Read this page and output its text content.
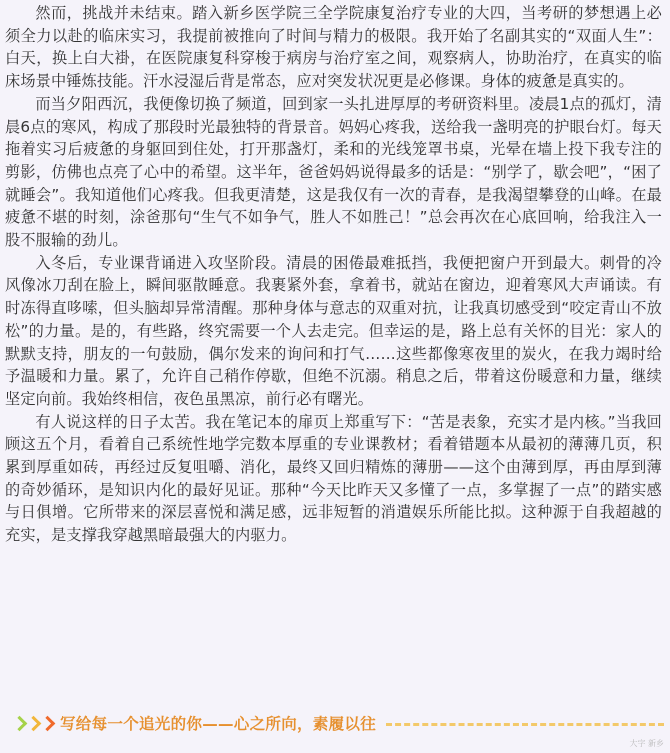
然而，挑战并未结束。踏入新乡医学院三全学院康复治疗专业的大四，当考研的梦想遇上必须全力以赴的临床实习，我提前被推向了时间与精力的极限。我开始了名副其实的“双面人生”：白天，换上白大褂，在医院康复科穿梭于病房与治疗室之间，观察病人，协助治疗，在真实的临床场景中锤炼技能。汗水浸湿后背是常态，应对突发状况更是必修课。身体的疲惫是真实的。

而当夕阳西沉，我便像切换了频道，回到家一头扎进厚厚的考研资料里。凌晨1点的孤灯，清晨6点的寒风，构成了那段时光最独特的背景音。妈妈心疼我，送给我一盏明亮的护眼台灯。每天拖着实习后疲惫的身躯回到住处，打开那盏灯，柔和的光线笼罩书桌，光晕在墙上投下我专注的剪影，仿佛也点亮了心中的希望。这半年，爸爸妈妈说得最多的话是：“别学了，歇会吧”，“困了就睡会”。我知道他们心疼我。但我更清楚，这是我仅有一次的青春，是我渴望攀登的山峰。在最疲惫不堪的时刻，涂爸那句“生气不如争气，胜人不如胜己！”总会再次在心底回响，给我注入一股不服输的劲儿。

入冬后，专业课背诵进入攻坚阶段。清晨的困倦最难抵挡，我便把窗户开到最大。刺骨的冷风像冰刀刮在脸上，瞬间驱散睡意。我裹紧外套，拿着书，就站在窗边，迎着寒风大声诵读。有时冻得直哆嗦，但头脑却异常清醒。那种身体与意志的双重对抗，让我真切感受到“咬定青山不放松”的力量。是的，有些路，终究需要一个人去走完。但幸运的是，路上总有关怀的目光：家人的默默支持，朋友的一句鼓励，偶尔发来的询问和打气……这些都像寒夜里的炭火，在我力竭时给予温暖和力量。累了，允许自己稍作停歇，但绝不沉溺。稍息之后，带着这份暖意和力量，继续坚定向前。我始终相信，夜色虽黑凉，前行必有曙光。

有人说这样的日子太苦。我在笔记本的扉页上郑重写下：“苦是表象，充实才是内核。”当我回顾这五个月，看着自己系统性地学完数本厚重的专业课教材；看着错题本从最初的薄薄几页，积累到厚重如砖，再经过反复咀嚼、消化，最终又回归精炼的薄册——这个由薄到厚，再由厚到薄的奇妙循环，是知识内化的最好见证。那种“今天比昨天又多懂了一点，多掌握了一点”的踏实感与日俱增。它所带来的深层喜悦和满足感，远非短暂的消遣娱乐所能比拟。这种源于自我超越的充实，是支撑我穿越黑暗最强大的内驱力。

写给每一个追光的你——心之所向，素履以往
大字 新乡
